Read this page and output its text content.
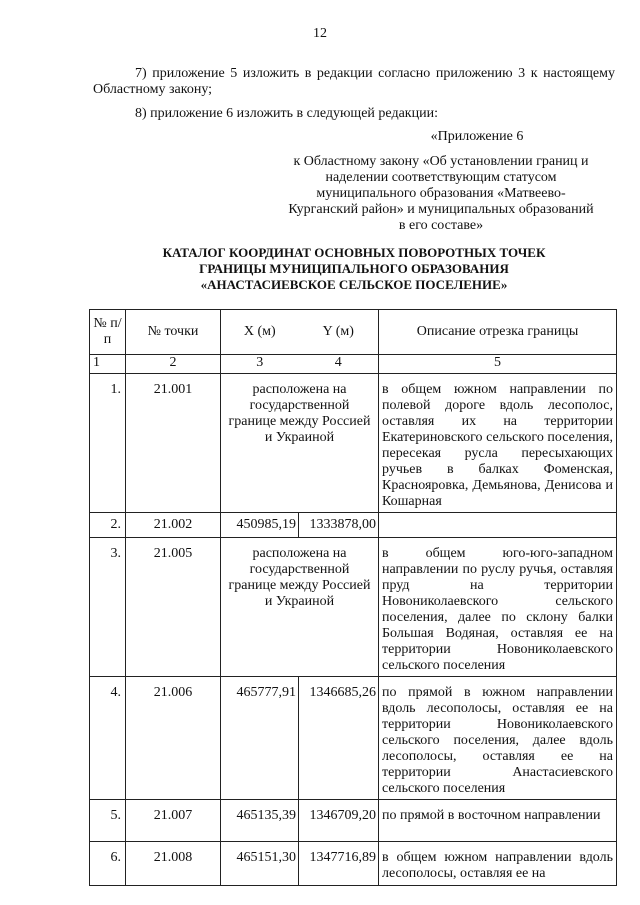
12
7) приложение 5 изложить в редакции согласно приложению 3 к настоящему Областному закону;
8) приложение 6 изложить в следующей редакции:
«Приложение 6
к Областному закону «Об установлении границ и наделении соответствующим статусом муниципального образования «Матвеево-Курганский район» и муниципальных образований в его составе»
КАТАЛОГ КООРДИНАТ ОСНОВНЫХ ПОВОРОТНЫХ ТОЧЕК
ГРАНИЦЫ МУНИЦИПАЛЬНОГО ОБРАЗОВАНИЯ
«АНАСТАСИЕВСКОЕ СЕЛЬСКОЕ ПОСЕЛЕНИЕ»
№ п/п	№ точки	X (м)	Y (м)	Описание отрезка границы
1	2	3	4	5
1.	21.001	расположена на государственной границе между Россией и Украиной		в общем южном направлении по полевой дороге вдоль лесополос, оставляя их на территории Екатериновского сельского поселения, пересекая русла пересыхающих ручьев в балках Фоменская, Краснояровка, Демьянова, Денисова и Кошарная
2.	21.002	450985,19	1333878,00	
3.	21.005	расположена на государственной границе между Россией и Украиной		в общем юго-юго-западном направлении по руслу ручья, оставляя пруд на территории Новониколаевского сельского поселения, далее по склону балки Большая Водяная, оставляя ее на территории Новониколаевского сельского поселения
4.	21.006	465777,91	1346685,26	по прямой в южном направлении вдоль лесополосы, оставляя ее на территории Новониколаевского сельского поселения, далее вдоль лесополосы, оставляя ее на территории Анастасиевского сельского поселения
5.	21.007	465135,39	1346709,20	по прямой в восточном направлении
6.	21.008	465151,30	1347716,89	в общем южном направлении вдоль лесополосы, оставляя ее на
